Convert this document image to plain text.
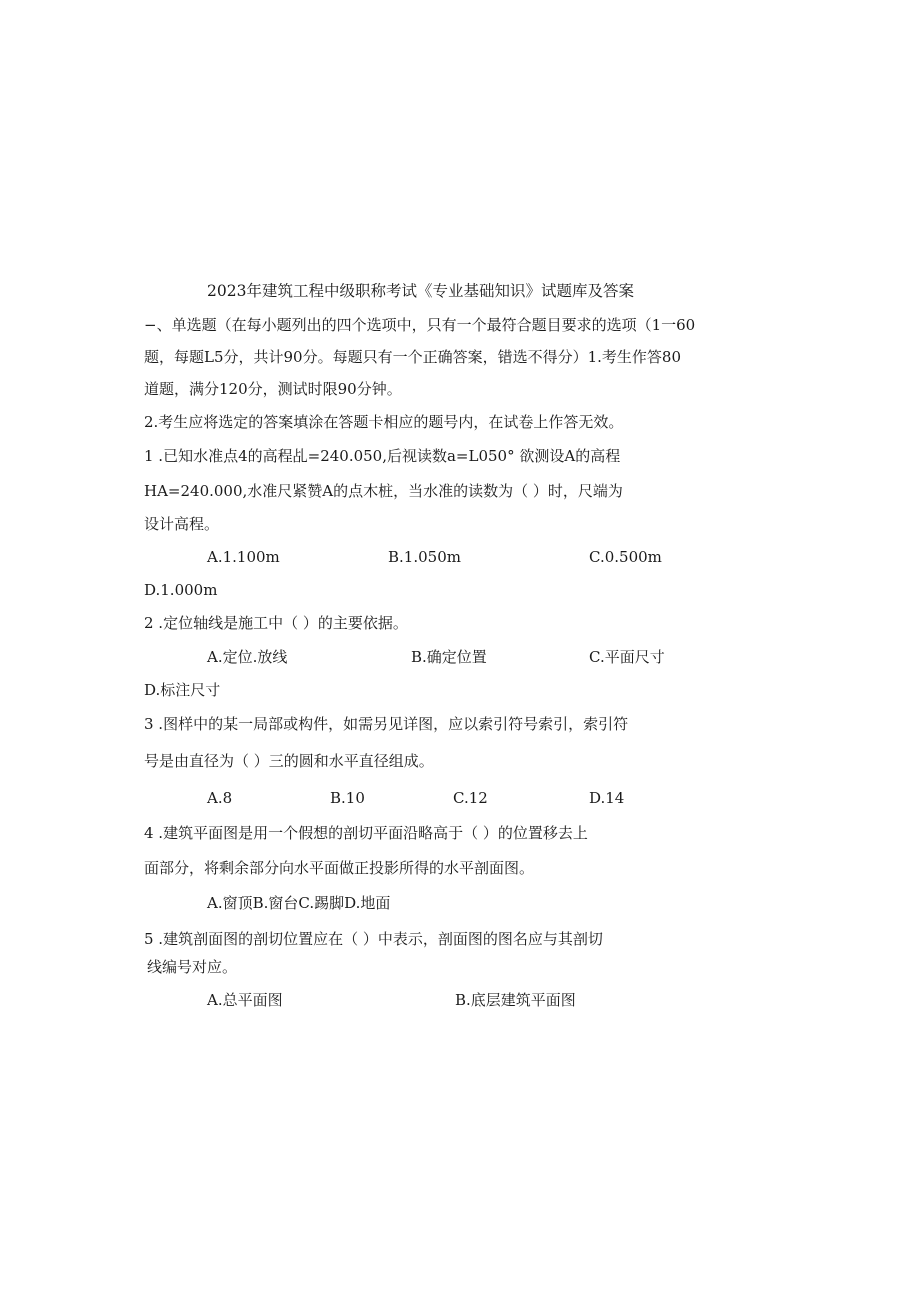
2023年建筑工程中级职称考试《专业基础知识》试题库及答案
−、单选题（在每小题列出的四个选项中，只有一个最符合题目要求的选项（1一60
题，每题L5分，共计90分。每题只有一个正确答案，错选不得分）1.考生作答80
道题，满分120分，测试时限90分钟。
2.考生应将选定的答案填涂在答题卡相应的题号内，在试卷上作答无效。
1 .已知水准点4的高程乩=240.050,后视读数a=L050° 欲测设A的高程
HA=240.000,水准尺紧赞A的点木桩，当水准的读数为（ ）时，尺端为
设计高程。
A.1.100m	B.1.050m	C.0.500m
D.1.000m
2 .定位轴线是施工中（ ）的主要依据。
A.定位.放线	B.确定位置	C.平面尺寸
D.标注尺寸
3 .图样中的某一局部或构件，如需另见详图，应以索引符号索引，索引符
号是由直径为（ ）三的圆和水平直径组成。
A.8	B.10	C.12	D.14
4 .建筑平面图是用一个假想的剖切平面沿略高于（ ）的位置移去上
面部分，将剩余部分向水平面做正投影所得的水平剖面图。
A.窗顶B.窗台C.踢脚D.地面
5 .建筑剖面图的剖切位置应在（ ）中表示，剖面图的图名应与其剖切
线编号对应。
A.总平面图	B.底层建筑平面图
